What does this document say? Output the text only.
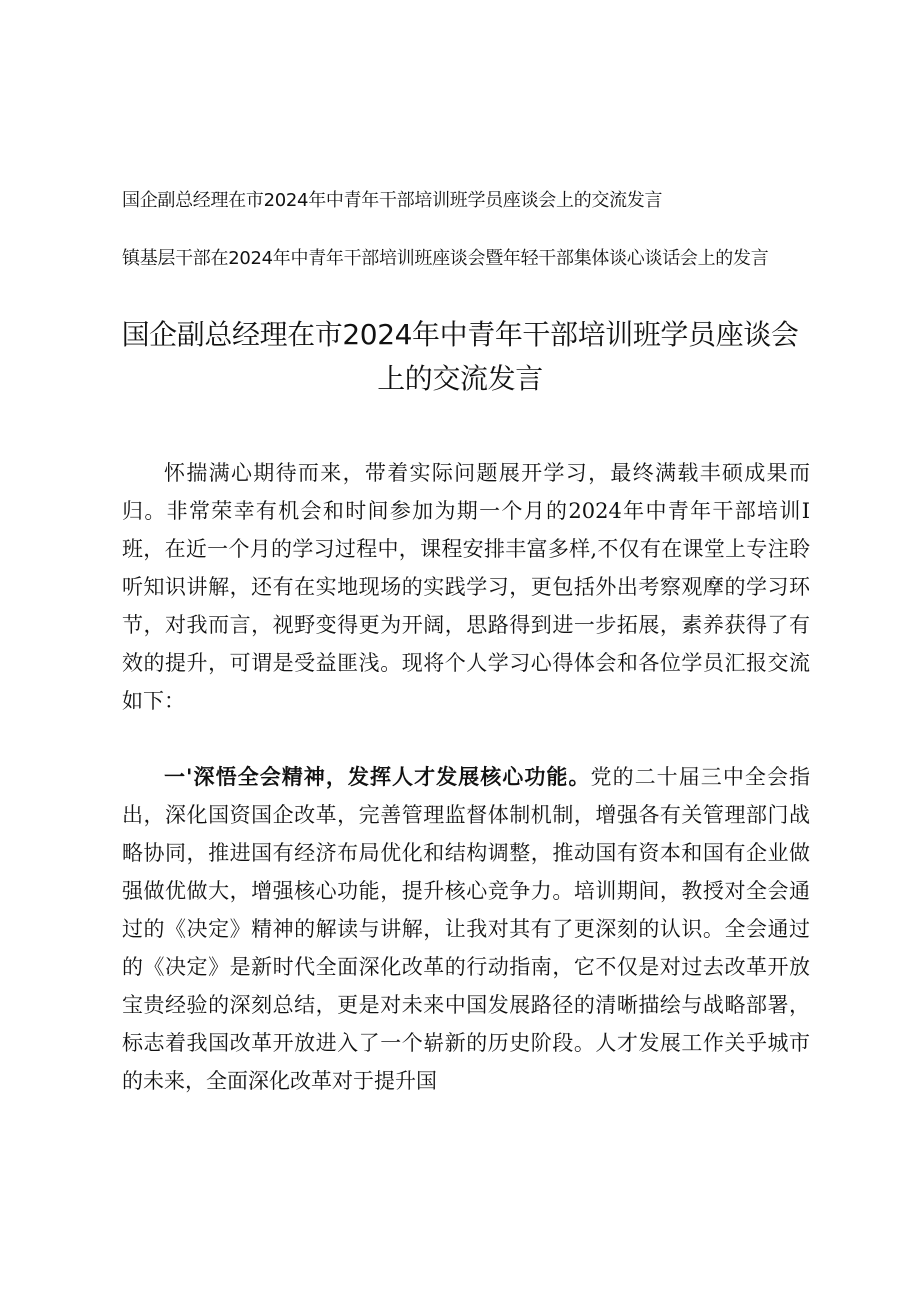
国企副总经理在市2024年中青年干部培训班学员座谈会上的交流发言
镇基层干部在2024年中青年干部培训班座谈会暨年轻干部集体谈心谈话会上的发言
国企副总经理在市2024年中青年干部培训班学员座谈会上的交流发言

怀揣满心期待而来，带着实际问题展开学习，最终满载丰硕成果而归。非常荣幸有机会和时间参加为期一个月的2024年中青年干部培训I班，在近一个月的学习过程中，课程安排丰富多样,不仅有在课堂上专注聆听知识讲解，还有在实地现场的实践学习，更包括外出考察观摩的学习环节，对我而言，视野变得更为开阔，思路得到进一步拓展，素养获得了有效的提升，可谓是受益匪浅。现将个人学习心得体会和各位学员汇报交流如下：

一'深悟全会精神，发挥人才发展核心功能。党的二十届三中全会指出，深化国资国企改革，完善管理监督体制机制，增强各有关管理部门战略协同，推进国有经济布局优化和结构调整，推动国有资本和国有企业做强做优做大，增强核心功能，提升核心竞争力。培训期间，教授对全会通过的《决定》精神的解读与讲解，让我对其有了更深刻的认识。全会通过的《决定》是新时代全面深化改革的行动指南，它不仅是对过去改革开放宝贵经验的深刻总结，更是对未来中国发展路径的清晰描绘与战略部署，标志着我国改革开放进入了一个崭新的历史阶段。人才发展工作关乎城市的未来，全面深化改革对于提升国
